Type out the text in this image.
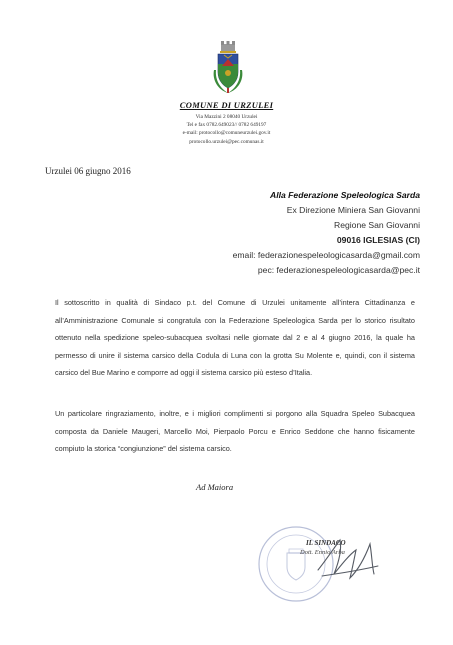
COMUNE DI URZULEI
Via Mazzini 2 08040 Urzulei
Tel e fax 0782.649023// 0782 649197
e-mail: protocollo@comuneurzulei.gov.it
protocollo.urzulei@pec.comunas.it
Urzulei 06 giugno 2016
Alla Federazione Speleologica Sarda
Ex Direzione Miniera San Giovanni
Regione San Giovanni
09016 IGLESIAS (CI)
email: federazionespeleologicasarda@gmail.com
pec: federazionespeleologicasarda@pec.it
Il sottoscritto in qualità di Sindaco p.t. del Comune di Urzulei unitamente all’intera Cittadinanza e
all’Amministrazione Comunale si congratula con la Federazione Speleologica Sarda per lo storico risultato
ottenuto nella spedizione speleo-subacquea svoltasi nelle giornate dal 2 e al 4 giugno 2016, la quale ha
permesso di unire il sistema carsico della Codula di Luna con la grotta Su Molente e, quindi, con il sistema
carsico del Bue Marino e comporre ad oggi il sistema carsico più esteso d’Italia.
Un particolare ringraziamento, inoltre, e i migliori complimenti si porgono alla Squadra Speleo Subacquea
composta da Daniele Maugeri, Marcello Moi, Pierpaolo Porcu e Enrico Seddone che hanno fisicamente
compiuto la storica “congiunzione” del sistema carsico.
Ad Maiora
IL SINDACO
Dott. Ennio Arba
